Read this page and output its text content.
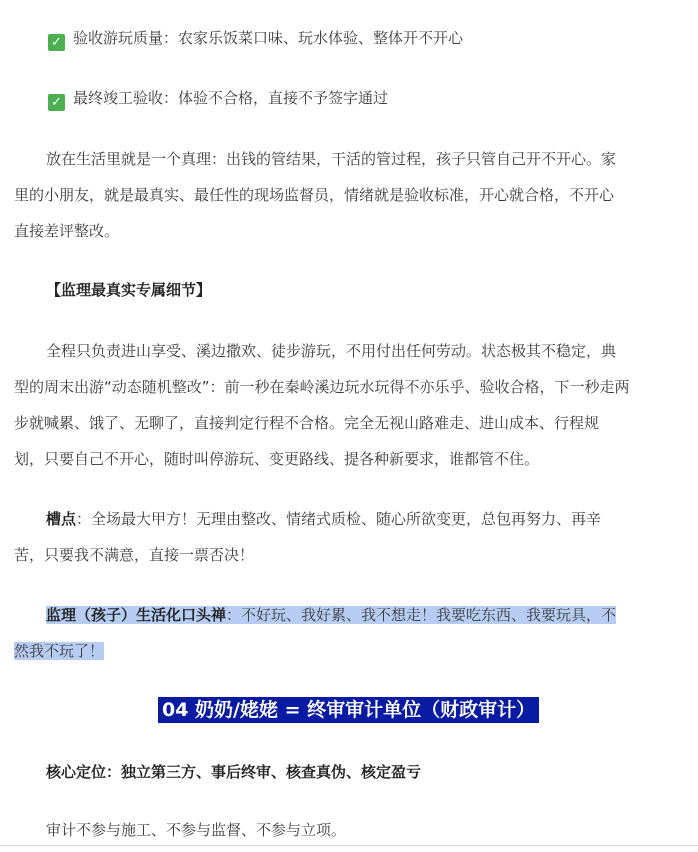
✓ 验收游玩质量：农家乐饭菜口味、玩水体验、整体开不开心
✓ 最终竣工验收：体验不合格，直接不予签字通过
放在生活里就是一个真理：出钱的管结果，干活的管过程，孩子只管自己开不开心。家
里的小朋友，就是最真实、最任性的现场监督员，情绪就是验收标准，开心就合格，不开心
直接差评整改。
【监理最真实专属细节】
全程只负责进山享受、溪边撒欢、徒步游玩，不用付出任何劳动。状态极其不稳定，典
型的周末出游“动态随机整改”：前一秒在秦岭溪边玩水玩得不亦乐乎、验收合格，下一秒走两
步就喊累、饿了、无聊了，直接判定行程不合格。完全无视山路难走、进山成本、行程规
划，只要自己不开心，随时叫停游玩、变更路线、提各种新要求，谁都管不住。
槽点：全场最大甲方！无理由整改、情绪式质检、随心所欲变更，总包再努力、再辛
苦，只要我不满意，直接一票否决！
监理（孩子）生活化口头禅：不好玩、我好累、我不想走！我要吃东西、我要玩具，不
然我不玩了！
04 奶奶/姥姥 = 终审审计单位（财政审计）
核心定位：独立第三方、事后终审、核查真伪、核定盈亏
审计不参与施工、不参与监督、不参与立项。
